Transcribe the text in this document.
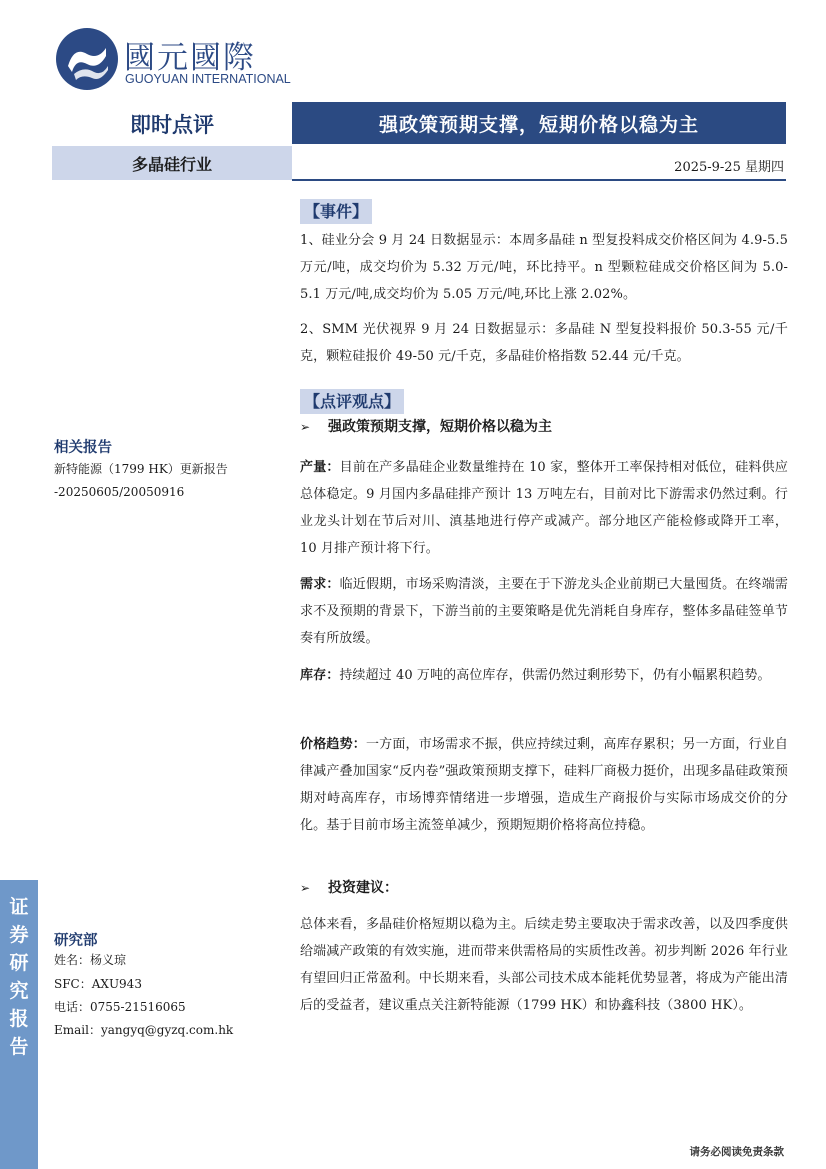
國元國際
GUOYUAN INTERNATIONAL
即时点评	强政策预期支撑，短期价格以稳为主
多晶硅行业	2025-9-25 星期四
相关报告
新特能源（1799 HK）更新报告
-20250605/20050916
研究部
姓名：杨义琼
SFC：AXU943
电话：0755-21516065
Email：yangyq@gyzq.com.hk
证
券
研
究
报
告
【事件】
1、硅业分会 9 月 24 日数据显示：本周多晶硅 n 型复投料成交价格区间为 4.9-5.5 万元/吨，成交均价为 5.32 万元/吨，环比持平。n 型颗粒硅成交价格区间为 5.0-5.1 万元/吨,成交均价为 5.05 万元/吨,环比上涨 2.02%。
2、SMM 光伏视界 9 月 24 日数据显示：多晶硅 N 型复投料报价 50.3-55 元/千克，颗粒硅报价 49-50 元/千克，多晶硅价格指数 52.44 元/千克。
【点评观点】
➢ 强政策预期支撑，短期价格以稳为主
产量：目前在产多晶硅企业数量维持在 10 家，整体开工率保持相对低位，硅料供应总体稳定。9 月国内多晶硅排产预计 13 万吨左右，目前对比下游需求仍然过剩。行业龙头计划在节后对川、滇基地进行停产或减产。部分地区产能检修或降开工率，10 月排产预计将下行。
需求：临近假期，市场采购清淡，主要在于下游龙头企业前期已大量囤货。在终端需求不及预期的背景下，下游当前的主要策略是优先消耗自身库存，整体多晶硅签单节奏有所放缓。
库存：持续超过 40 万吨的高位库存，供需仍然过剩形势下，仍有小幅累积趋势。
价格趋势：一方面，市场需求不振，供应持续过剩，高库存累积；另一方面，行业自律减产叠加国家“反内卷”强政策预期支撑下，硅料厂商极力挺价，出现多晶硅政策预期对峙高库存，市场博弈情绪进一步增强，造成生产商报价与实际市场成交价的分化。基于目前市场主流签单减少，预期短期价格将高位持稳。
➢ 投资建议：
总体来看，多晶硅价格短期以稳为主。后续走势主要取决于需求改善，以及四季度供给端减产政策的有效实施，进而带来供需格局的实质性改善。初步判断 2026 年行业有望回归正常盈利。中长期来看，头部公司技术成本能耗优势显著，将成为产能出清后的受益者，建议重点关注新特能源（1799 HK）和协鑫科技（3800 HK）。
请务必阅读免责条款
